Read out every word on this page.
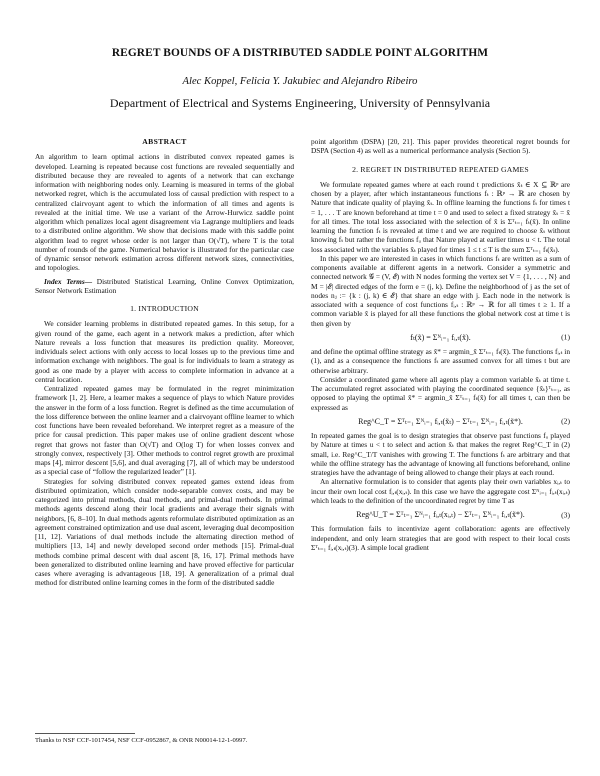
REGRET BOUNDS OF A DISTRIBUTED SADDLE POINT ALGORITHM
Alec Koppel, Felicia Y. Jakubiec and Alejandro Ribeiro
Department of Electrical and Systems Engineering, University of Pennsylvania
ABSTRACT

An algorithm to learn optimal actions in distributed convex repeated games is developed. Learning is repeated because cost functions are revealed sequentially and distributed because they are revealed to agents of a network that can exchange information with neighboring nodes only. Learning is measured in terms of the global networked regret, which is the accumulated loss of causal prediction with respect to a centralized clairvoyant agent to which the information of all times and agents is revealed at the initial time. We use a variant of the Arrow-Hurwicz saddle point algorithm which penalizes local agent disagreement via Lagrange multipliers and leads to a distributed online algorithm. We show that decisions made with this saddle point algorithm lead to regret whose order is not larger than O(√T), where T is the total number of rounds of the game. Numerical behavior is illustrated for the particular case of dynamic sensor network estimation across different network sizes, connectivities, and topologies.

Index Terms— Distributed Statistical Learning, Online Convex Optimization, Sensor Network Estimation

1. INTRODUCTION

We consider learning problems in distributed repeated games. In this setup, for a given round of the game, each agent in a network makes a prediction, after which Nature reveals a loss function that measures its prediction quality. Moreover, individuals select actions with only access to local losses up to the previous time and information exchange with neighbors. The goal is for individuals to learn a strategy as good as one made by a player with access to complete information in advance at a central location.

Centralized repeated games may be formulated in the regret minimization framework [1, 2]. Here, a learner makes a sequence of plays to which Nature provides the answer in the form of a loss function. Regret is defined as the time accumulation of the loss difference between the online learner and a clairvoyant offline learner to which cost functions have been revealed beforehand. We interpret regret as a measure of the price for causal prediction. This paper makes use of online gradient descent whose regret that grows not faster than O(√T) and O(log T) for when losses convex and strongly convex, respectively [3]. Other methods to control regret growth are proximal maps [4], mirror descent [5,6], and dual averaging [7], all of which may be understood as a special case of “follow the regularized leader” [1].

Strategies for solving distributed convex repeated games extend ideas from distributed optimization, which consider node-separable convex costs, and may be categorized into primal methods, dual methods, and primal-dual methods. In primal methods agents descend along their local gradients and average their signals with neighbors, [6, 8–10]. In dual methods agents reformulate distributed optimization as an agreement constrained optimization and use dual ascent, leveraging dual decomposition [11, 12]. Variations of dual methods include the alternating direction method of multipliers [13, 14] and newly developed second order methods [15]. Primal-dual methods combine primal descent with dual ascent [8, 16, 17]. Primal methods have been generalized to distributed online learning and have proved effective for particular cases where averaging is advantageous [18, 19]. A generalization of a primal dual method for distributed online learning comes in the form of the distributed saddle

Thanks to NSF CCF-1017454, NSF CCF-0952867, & ONR N00014-12-1-0997.

point algorithm (DSPA) [20, 21]. This paper provides theoretical regret bounds for DSPA (Section 4) as well as a numerical performance analysis (Section 5).

2. REGRET IN DISTRIBUTED REPEATED GAMES

We formulate repeated games where at each round t predictions x̃ₜ ∈ X ⊆ ℝᵖ are chosen by a player, after which instantaneous functions fₜ : ℝᵖ → ℝ are chosen by Nature that indicate quality of playing x̃ₜ. In offline learning the functions fₜ for times t = 1, . . . T are known beforehand at time t = 0 and used to select a fixed strategy x̃ₜ = x̃ for all times. The total loss associated with the selection of x̃ is Σᵀₜ₌₁ fₜ(x̃). In online learning the function fₜ is revealed at time t and we are required to choose x̃ₜ without knowing fₜ but rather the functions fᵤ that Nature played at earlier times u < t. The total loss associated with the variables x̃ₜ played for times 1 ≤ t ≤ T is the sum Σᵀₜ₌₁ fₜ(x̃ₜ).

In this paper we are interested in cases in which functions fₜ are written as a sum of components available at different agents in a network. Consider a symmetric and connected network 𝒢 = (V, ℰ) with N nodes forming the vertex set V = {1, . . . , N} and M = |ℰ| directed edges of the form e = (j, k). Define the neighborhood of j as the set of nodes nⱼ := {k : (j, k) ∈ ℰ} that share an edge with j. Each node in the network is associated with a sequence of cost functions fᵢ,ₜ : ℝᵖ → ℝ for all times t ≥ 1. If a common variable x̃ is played for all these functions the global network cost at time t is then given by

fₜ(x̃) = Σᴺᵢ₌₁ fᵢ,ₜ(x̃).	(1)

and define the optimal offline strategy as x̃* = argmin_x̃ Σᵀₜ₌₁ fₜ(x̃). The functions fᵢ,ₜ in (1), and as a consequence the functions fₜ are assumed convex for all times t but are otherwise arbitrary.

Consider a coordinated game where all agents play a common variable x̃ₜ at time t. The accumulated regret associated with playing the coordinated sequence {x̃ₜ}ᵀₜ₌₁, as opposed to playing the optimal x̃* = argmin_x̃ Σᵀₜ₌₁ fₜ(x̃) for all times t, can then be expressed as

Reg^C_T = Σᵀₜ₌₁ Σᴺᵢ₌₁ fᵢ,ₜ(x̃ₜ) − Σᵀₜ₌₁ Σᴺᵢ₌₁ fᵢ,ₜ(x̃*).	(2)

In repeated games the goal is to design strategies that observe past functions fᵤ played by Nature at times u < t to select and action x̃ₜ that makes the regret Reg^C_T in (2) small, i.e. Reg^C_T/T vanishes with growing T. The functions fₜ are arbitrary and that while the offline strategy has the advantage of knowing all functions beforehand, online strategies have the advantage of being allowed to change their plays at each round.

An alternative formulation is to consider that agents play their own variables xᵢ,ₜ to incur their own local cost fᵢ,ₜ(xᵢ,ₜ). In this case we have the aggregate cost Σᴺᵢ₌₁ fᵢ,ₜ(xᵢ,ₜ) which leads to the definition of the uncoordinated regret by time T as

Reg^U_T = Σᵀₜ₌₁ Σᴺᵢ₌₁ fᵢ,ₜ(xᵢ,ₜ) − Σᵀₜ₌₁ Σᴺᵢ₌₁ fᵢ,ₜ(x̃*).	(3)

This formulation fails to incentivize agent collaboration: agents are effectively independent, and only learn strategies that are good with respect to their local costs Σᵀₜ₌₁ fᵢ,ₜ(xᵢ,ₜ)(3). A simple local gradient
